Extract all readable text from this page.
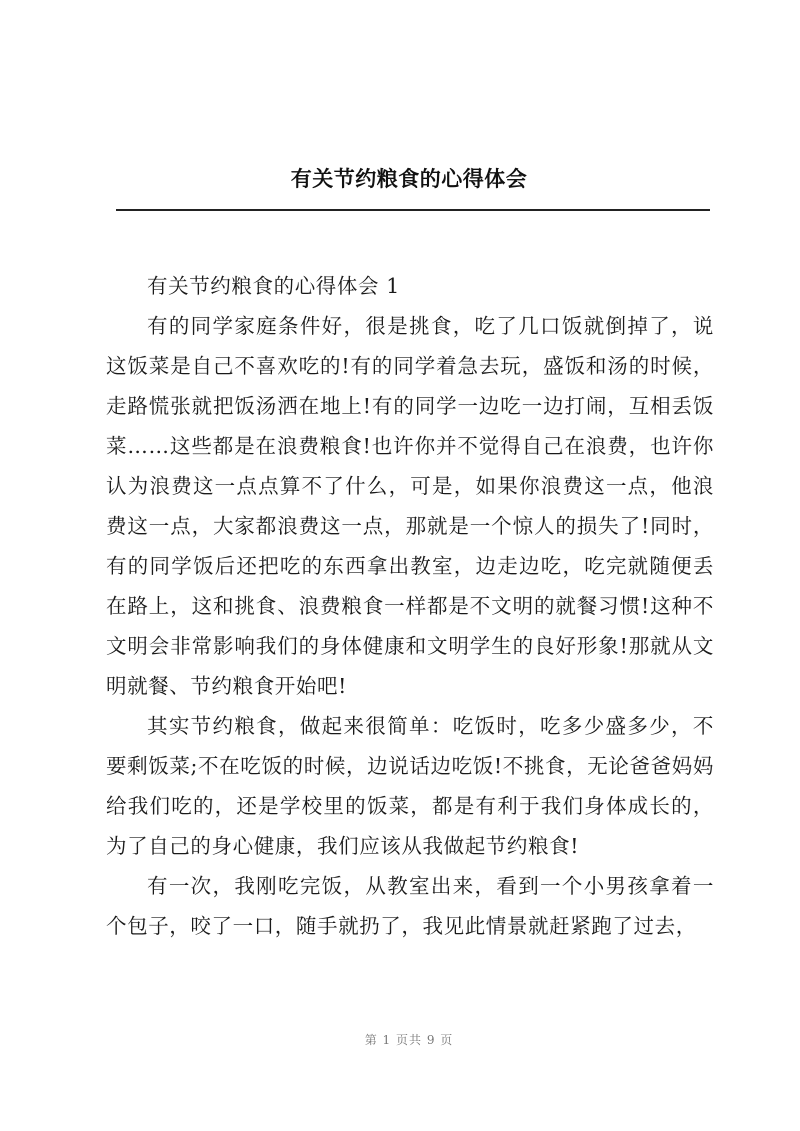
有关节约粮食的心得体会

有关节约粮食的心得体会 1

有的同学家庭条件好，很是挑食，吃了几口饭就倒掉了，说这饭菜是自己不喜欢吃的!有的同学着急去玩，盛饭和汤的时候，走路慌张就把饭汤洒在地上!有的同学一边吃一边打闹，互相丢饭菜……这些都是在浪费粮食!也许你并不觉得自己在浪费，也许你认为浪费这一点点算不了什么，可是，如果你浪费这一点，他浪费这一点，大家都浪费这一点，那就是一个惊人的损失了!同时，有的同学饭后还把吃的东西拿出教室，边走边吃，吃完就随便丢在路上，这和挑食、浪费粮食一样都是不文明的就餐习惯!这种不文明会非常影响我们的身体健康和文明学生的良好形象!那就从文明就餐、节约粮食开始吧!

其实节约粮食，做起来很简单：吃饭时，吃多少盛多少，不要剩饭菜;不在吃饭的时候，边说话边吃饭!不挑食，无论爸爸妈妈给我们吃的，还是学校里的饭菜，都是有利于我们身体成长的，为了自己的身心健康，我们应该从我做起节约粮食!

有一次，我刚吃完饭，从教室出来，看到一个小男孩拿着一个包子，咬了一口，随手就扔了，我见此情景就赶紧跑了过去，

第 1 页共 9 页
